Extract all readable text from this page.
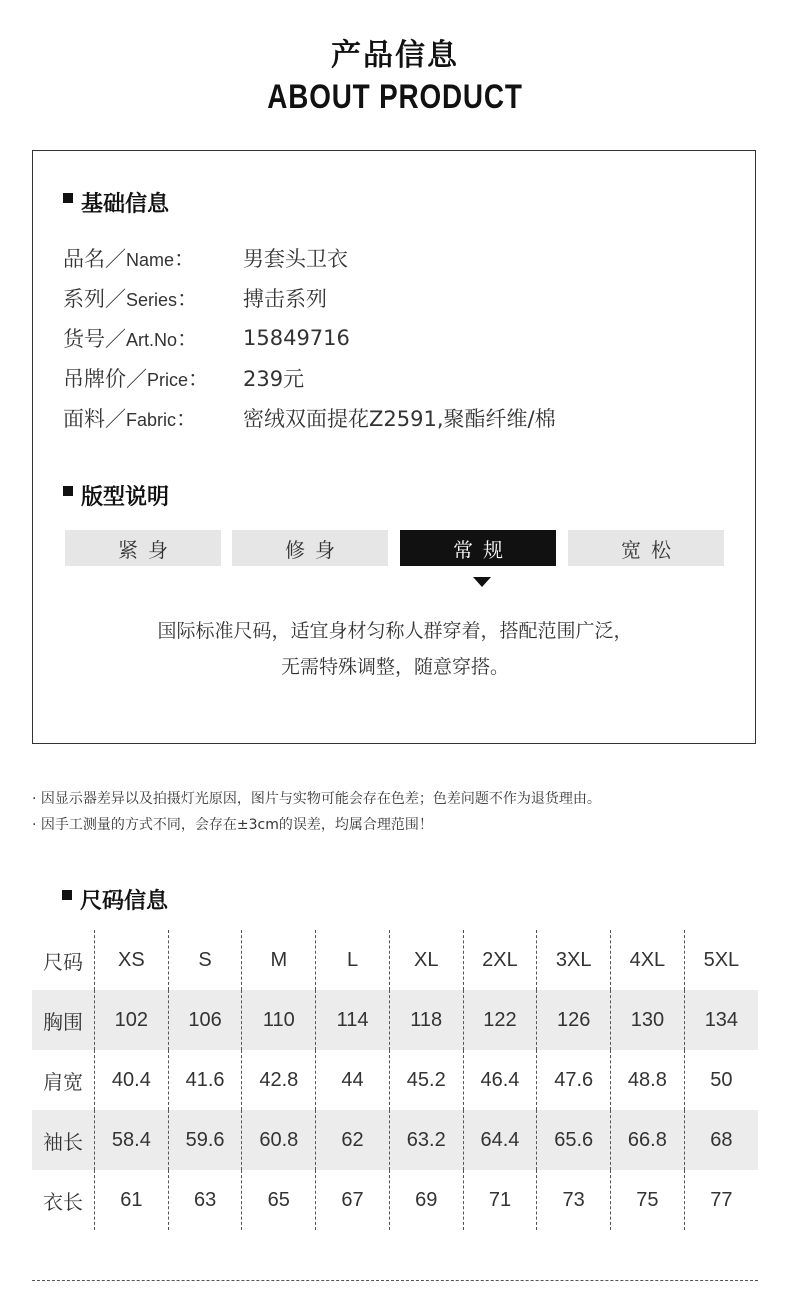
产品信息
ABOUT PRODUCT
基础信息
品名／Name：	男套头卫衣
系列／Series：	搏击系列
货号／Art.No：	15849716
吊牌价／Price：	239元
面料／Fabric：	密绒双面提花Z2591,聚酯纤维/棉
版型说明
紧身	修身	常规	宽松
国际标准尺码，适宜身材匀称人群穿着，搭配范围广泛，
无需特殊调整，随意穿搭。
· 因显示器差异以及拍摄灯光原因，图片与实物可能会存在色差；色差问题不作为退货理由。
· 因手工测量的方式不同，会存在±3cm的误差，均属合理范围！
尺码信息
尺码	XS	S	M	L	XL	2XL	3XL	4XL	5XL
胸围	102	106	110	114	118	122	126	130	134
肩宽	40.4	41.6	42.8	44	45.2	46.4	47.6	48.8	50
袖长	58.4	59.6	60.8	62	63.2	64.4	65.6	66.8	68
衣长	61	63	65	67	69	71	73	75	77
